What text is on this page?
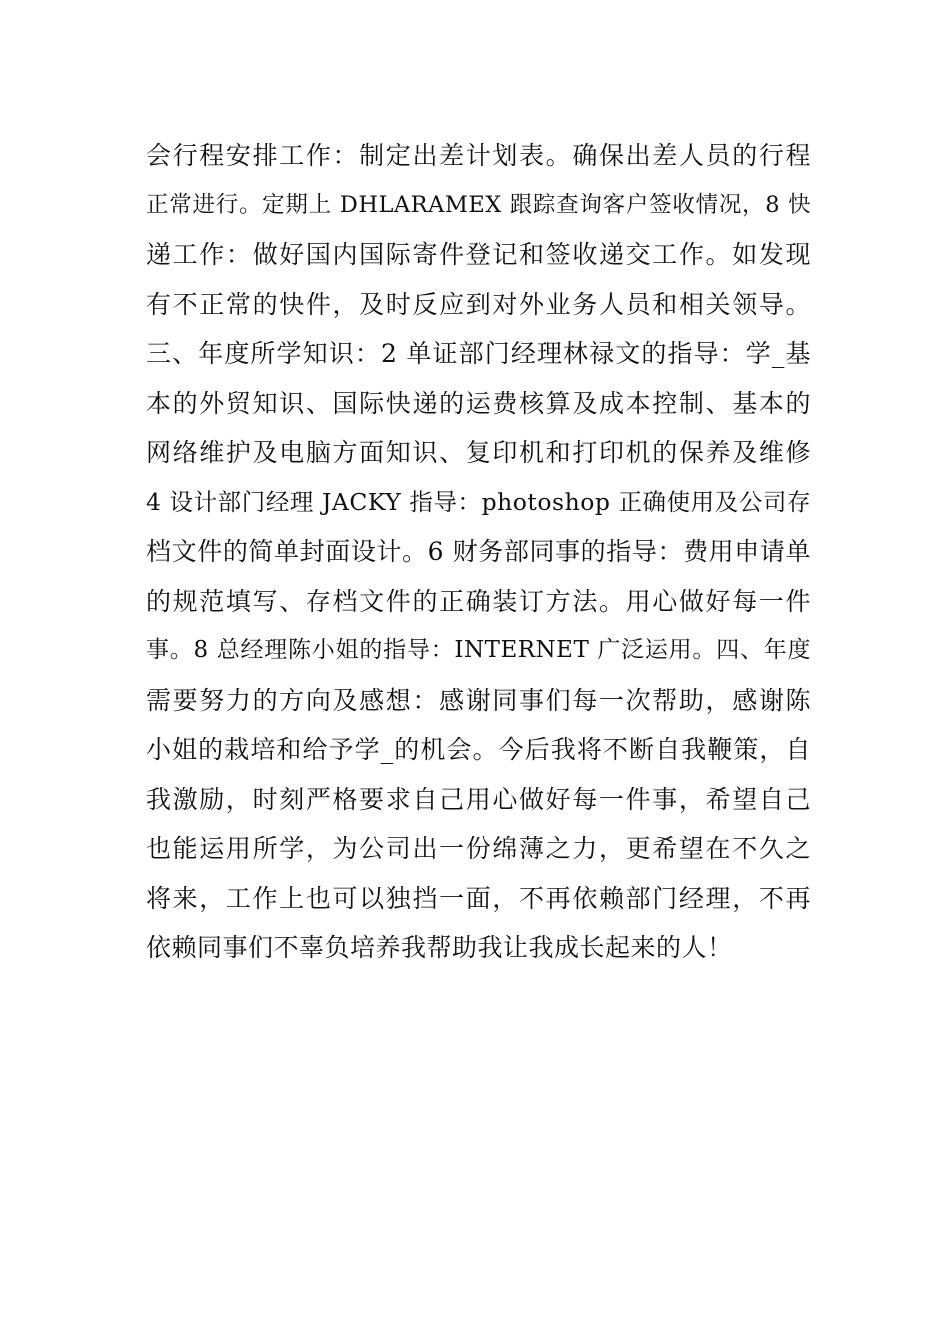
会行程安排工作：制定出差计划表。确保出差人员的行程
正常进行。定期上 DHLARAMEX 跟踪查询客户签收情况，8 快
递工作：做好国内国际寄件登记和签收递交工作。如发现
有不正常的快件，及时反应到对外业务人员和相关领导。
三、年度所学知识：2 单证部门经理林禄文的指导：学_基
本的外贸知识、国际快递的运费核算及成本控制、基本的
网络维护及电脑方面知识、复印机和打印机的保养及维修
4 设计部门经理 JACKY 指导：photoshop 正确使用及公司存
档文件的简单封面设计。6 财务部同事的指导：费用申请单
的规范填写、存档文件的正确装订方法。用心做好每一件
事。8 总经理陈小姐的指导：INTERNET 广泛运用。四、年度
需要努力的方向及感想：感谢同事们每一次帮助，感谢陈
小姐的栽培和给予学_的机会。今后我将不断自我鞭策，自
我激励，时刻严格要求自己用心做好每一件事，希望自己
也能运用所学，为公司出一份绵薄之力，更希望在不久之
将来，工作上也可以独挡一面，不再依赖部门经理，不再
依赖同事们不辜负培养我帮助我让我成长起来的人！
